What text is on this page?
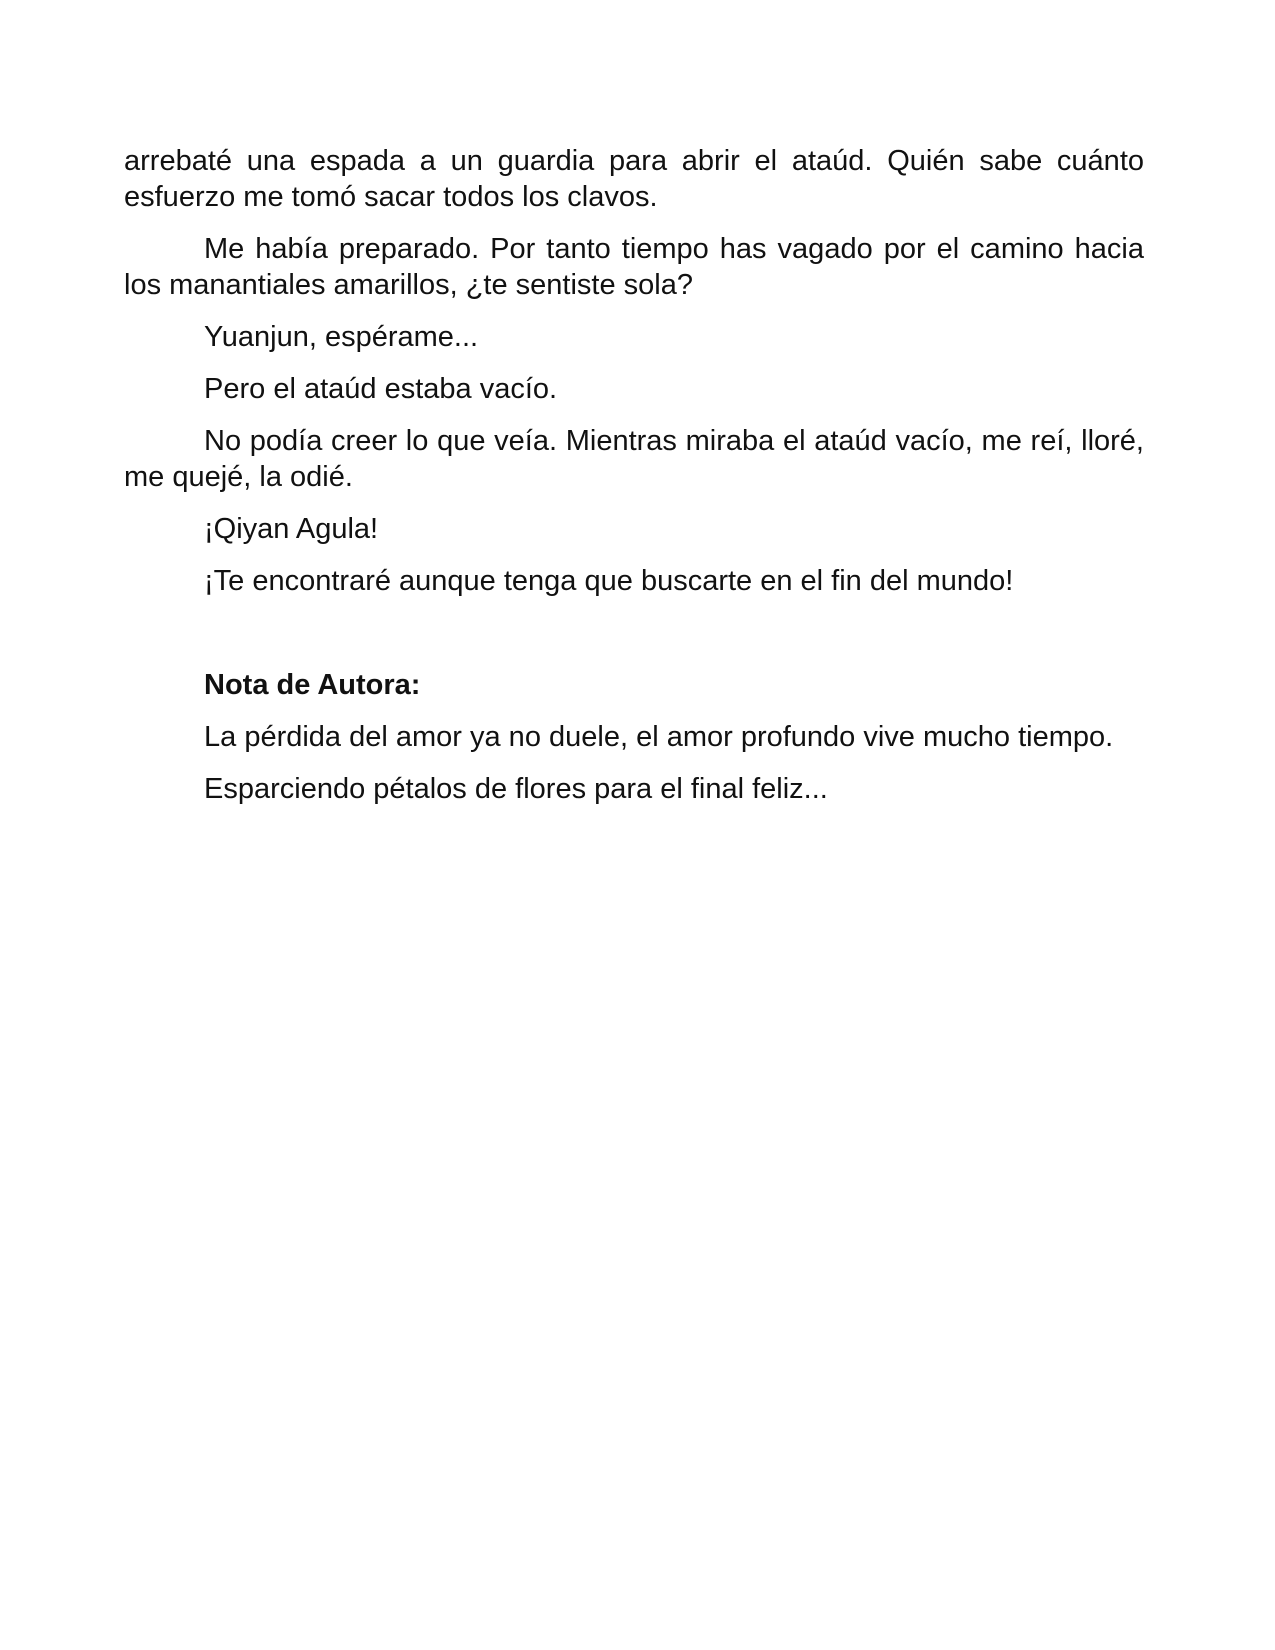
arrebaté una espada a un guardia para abrir el ataúd. Quién sabe cuánto esfuerzo me tomó sacar todos los clavos.

Me había preparado. Por tanto tiempo has vagado por el camino hacia los manantiales amarillos, ¿te sentiste sola?

Yuanjun, espérame...

Pero el ataúd estaba vacío.

No podía creer lo que veía. Mientras miraba el ataúd vacío, me reí, lloré, me quejé, la odié.

¡Qiyan Agula!

¡Te encontraré aunque tenga que buscarte en el fin del mundo!

Nota de Autora:

La pérdida del amor ya no duele, el amor profundo vive mucho tiempo.

Esparciendo pétalos de flores para el final feliz...
